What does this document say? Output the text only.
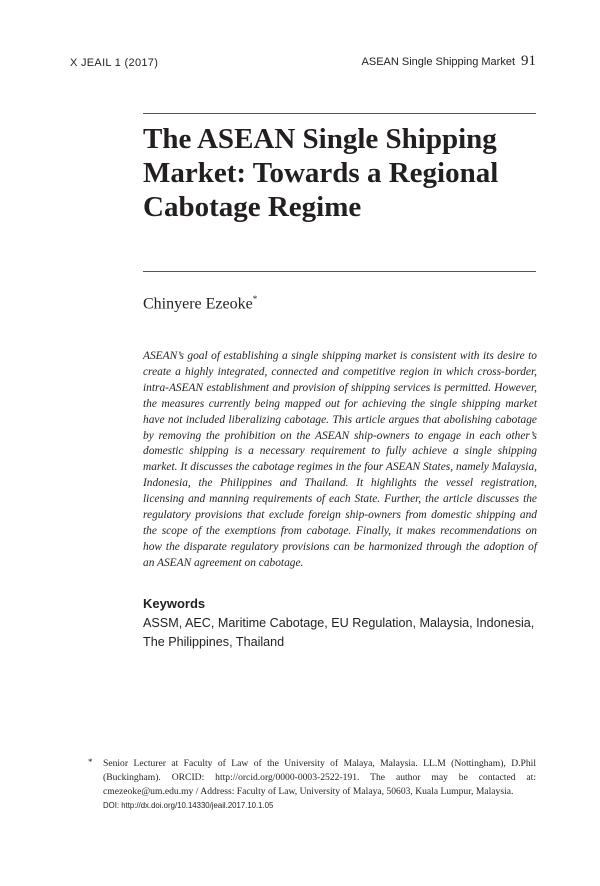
X JEAIL 1 (2017)	ASEAN Single Shipping Market 91
The ASEAN Single Shipping Market: Towards a Regional Cabotage Regime
Chinyere Ezeoke*

ASEAN’s goal of establishing a single shipping market is consistent with its desire to create a highly integrated, connected and competitive region in which cross-border, intra-ASEAN establishment and provision of shipping services is permitted. However, the measures currently being mapped out for achieving the single shipping market have not included liberalizing cabotage. This article argues that abolishing cabotage by removing the prohibition on the ASEAN ship-owners to engage in each other’s domestic shipping is a necessary requirement to fully achieve a single shipping market. It discusses the cabotage regimes in the four ASEAN States, namely Malaysia, Indonesia, the Philippines and Thailand. It highlights the vessel registration, licensing and manning requirements of each State. Further, the article discusses the regulatory provisions that exclude foreign ship-owners from domestic shipping and the scope of the exemptions from cabotage. Finally, it makes recommendations on how the disparate regulatory provisions can be harmonized through the adoption of an ASEAN agreement on cabotage.

Keywords

ASSM, AEC, Maritime Cabotage, EU Regulation, Malaysia, Indonesia, The Philippines, Thailand

* Senior Lecturer at Faculty of Law of the University of Malaya, Malaysia. LL.M (Nottingham), D.Phil (Buckingham). ORCID: http://orcid.org/0000-0003-2522-191. The author may be contacted at: cmezeoke@um.edu.my / Address: Faculty of Law, University of Malaya, 50603, Kuala Lumpur, Malaysia.

DOI: http://dx.doi.org/10.14330/jeail.2017.10.1.05
